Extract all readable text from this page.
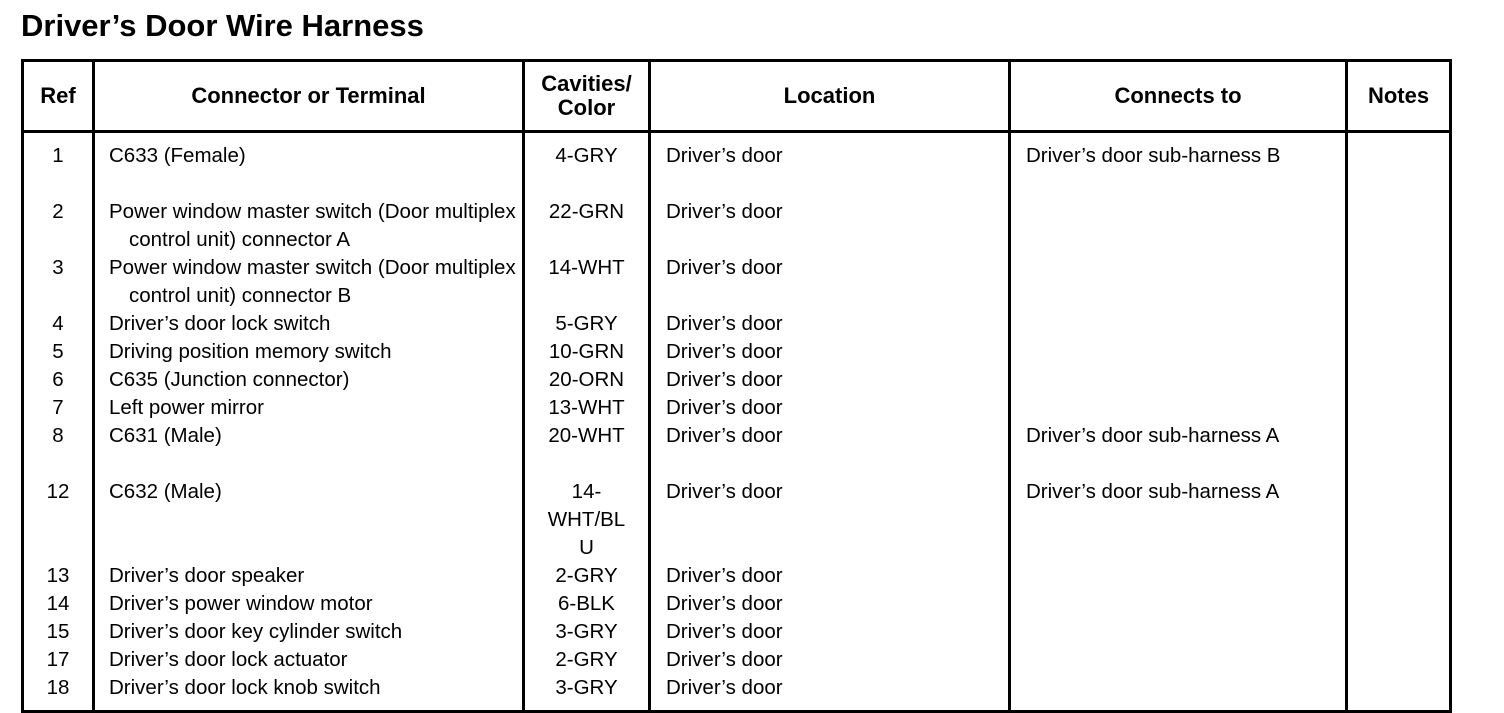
Driver’s Door Wire Harness
Ref	Connector or Terminal	Cavities/ Color	Location	Connects to	Notes
1	C633 (Female)	4-GRY	Driver’s door	Driver’s door sub-harness B	

2	Power window master switch (Door multiplex control unit) connector A	22-GRN	Driver’s door		
3	Power window master switch (Door multiplex control unit) connector B	14-WHT	Driver’s door		
4	Driver’s door lock switch	5-GRY	Driver’s door		
5	Driving position memory switch	10-GRN	Driver’s door		
6	C635 (Junction connector)	20-ORN	Driver’s door		
7	Left power mirror	13-WHT	Driver’s door		
8	C631 (Male)	20-WHT	Driver’s door	Driver’s door sub-harness A	

12	C632 (Male)	14-WHT/BLU	Driver’s door	Driver’s door sub-harness A	
13	Driver’s door speaker	2-GRY	Driver’s door		
14	Driver’s power window motor	6-BLK	Driver’s door		
15	Driver’s door key cylinder switch	3-GRY	Driver’s door		
17	Driver’s door lock actuator	2-GRY	Driver’s door		
18	Driver’s door lock knob switch	3-GRY	Driver’s door		
